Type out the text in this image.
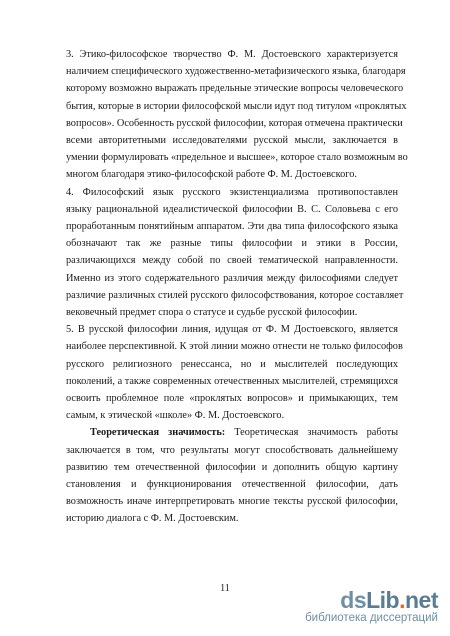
3. Этико-философское творчество Ф. М. Достоевского характеризуется
наличием специфического художественно-метафизического языка, благодаря
которому возможно выражать предельные этические вопросы человеческого
бытия, которые в истории философской мысли идут под титулом «проклятых
вопросов». Особенность русской философии, которая отмечена практически
всеми авторитетными исследователями русской мысли, заключается в
умении формулировать «предельное и высшее», которое стало возможным во
многом благодаря этико-философской работе Ф. М. Достоевского.

4. Философский язык русского экзистенциализма противопоставлен
языку рациональной идеалистической философии В. С. Соловьева с его
проработанным понятийным аппаратом. Эти два типа философского языка
обозначают так же разные типы философии и этики в России,
различающихся между собой по своей тематической направленности.
Именно из этого содержательного различия между философиями следует
различие различных стилей русского философствования, которое составляет
вековечный предмет спора о статусе и судьбе русской философии.

5. В русской философии линия, идущая от Ф. М Достоевского, является
наиболее перспективной. К этой линии можно отнести не только философов
русского религиозного ренессанса, но и мыслителей последующих
поколений, а также современных отечественных мыслителей, стремящихся
освоить проблемное поле «проклятых вопросов» и примыкающих, тем
самым, к этической «школе» Ф. М. Достоевского.

Теоретическая значимость: Теоретическая значимость работы
заключается в том, что результаты могут способствовать дальнейшему
развитию тем отечественной философии и дополнить общую картину
становления и функционирования отечественной философии, дать
возможность иначе интерпретировать многие тексты русской философии,
историю диалога с Ф. М. Достоевским.

11	dsLib.net
библиотека диссертаций
